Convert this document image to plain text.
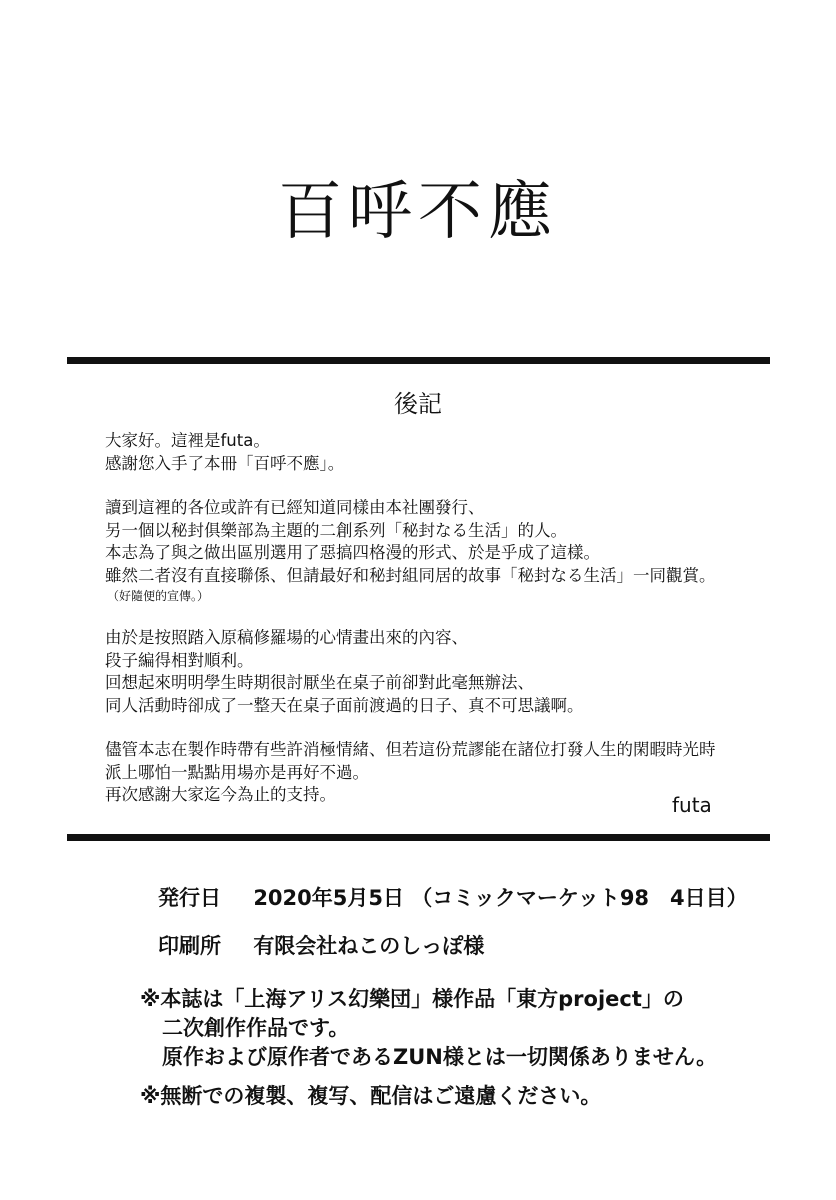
百呼不應
後記
大家好。這裡是futa。
感謝您入手了本冊「百呼不應」。
讀到這裡的各位或許有已經知道同樣由本社團發行、
另一個以秘封俱樂部為主題的二創系列「秘封なる生活」的人。
本志為了與之做出區別選用了惡搞四格漫的形式、於是乎成了這樣。
雖然二者沒有直接聯係、但請最好和秘封組同居的故事「秘封なる生活」一同觀賞。
（好隨便的宣傳。）
由於是按照踏入原稿修羅場的心情畫出來的內容、
段子編得相對順利。
回想起來明明學生時期很討厭坐在桌子前卻對此毫無辦法、
同人活動時卻成了一整天在桌子面前渡過的日子、真不可思議啊。
儘管本志在製作時帶有些許消極情緒、但若這份荒謬能在諸位打發人生的閑暇時光時
派上哪怕一點點用場亦是再好不過。
再次感謝大家迄今為止的支持。	futa
発行日 2020年5月5日 （コミックマーケット98　4日目）
印刷所 有限会社ねこのしっぽ様
※本誌は「上海アリス幻樂団」様作品「東方project」の
二次創作作品です。
原作および原作者であるZUN様とは一切関係ありません。
※無断での複製、複写、配信はご遠慮ください。
